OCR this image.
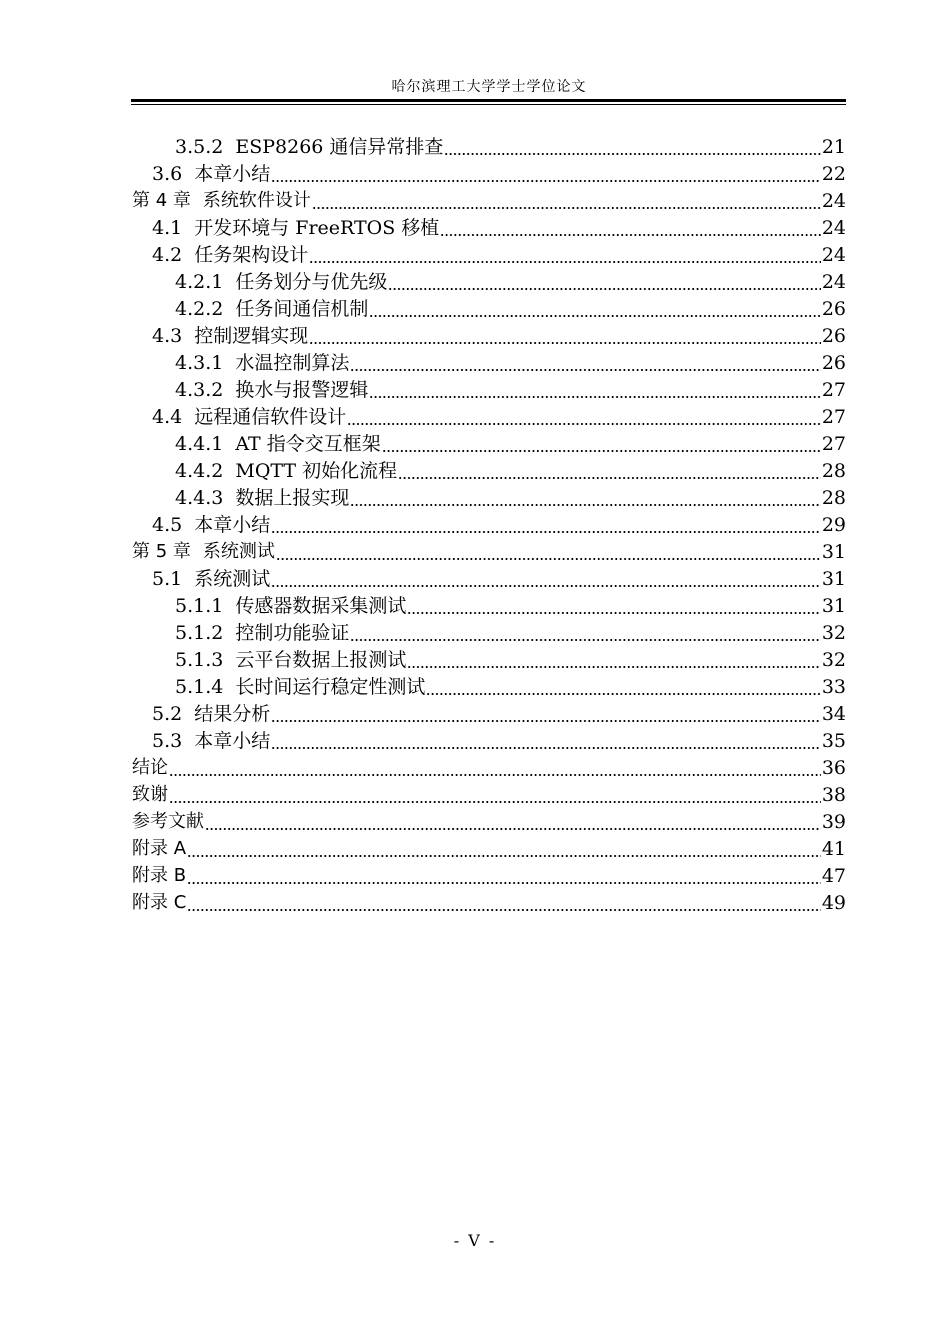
哈尔滨理工大学学士学位论文
3.5.2 ESP8266 通信异常排查	21
3.6 本章小结	22
第 4 章 系统软件设计	24
4.1 开发环境与 FreeRTOS 移植	24
4.2 任务架构设计	24
4.2.1 任务划分与优先级	24
4.2.2 任务间通信机制	26
4.3 控制逻辑实现	26
4.3.1 水温控制算法	26
4.3.2 换水与报警逻辑	27
4.4 远程通信软件设计	27
4.4.1 AT 指令交互框架	27
4.4.2 MQTT 初始化流程	28
4.4.3 数据上报实现	28
4.5 本章小结	29
第 5 章 系统测试	31
5.1 系统测试	31
5.1.1 传感器数据采集测试	31
5.1.2 控制功能验证	32
5.1.3 云平台数据上报测试	32
5.1.4 长时间运行稳定性测试	33
5.2 结果分析	34
5.3 本章小结	35
结论	36
致谢	38
参考文献	39
附录 A	41
附录 B	47
附录 C	49
- V -
